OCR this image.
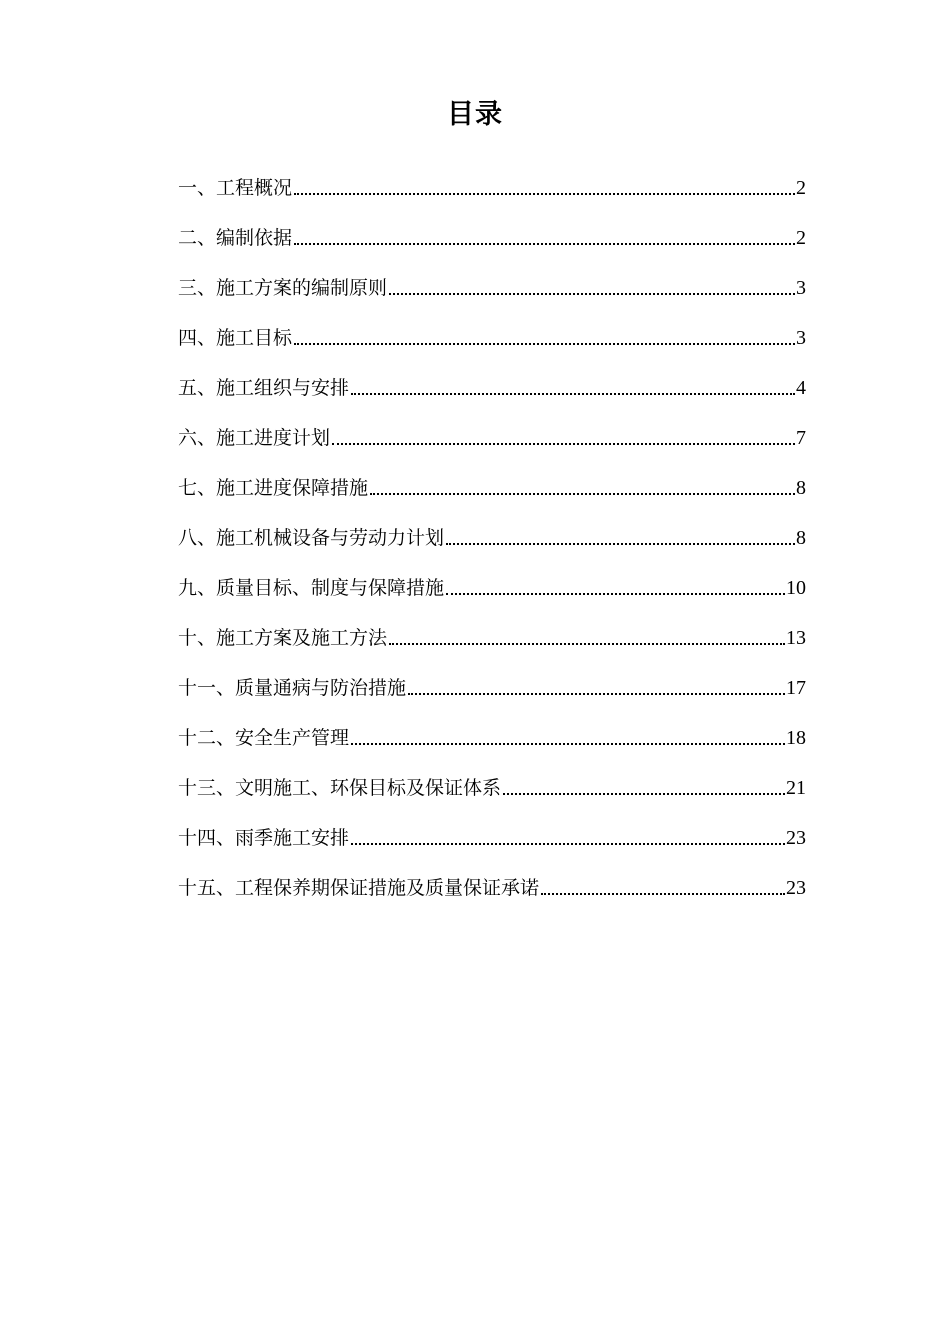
目录
一、工程概况	2
二、编制依据	2
三、施工方案的编制原则	3
四、施工目标	3
五、施工组织与安排	4
六、施工进度计划	7
七、施工进度保障措施	8
八、施工机械设备与劳动力计划	8
九、质量目标、制度与保障措施	10
十、施工方案及施工方法	13
十一、质量通病与防治措施	17
十二、安全生产管理	18
十三、文明施工、环保目标及保证体系	21
十四、雨季施工安排	23
十五、工程保养期保证措施及质量保证承诺	23
